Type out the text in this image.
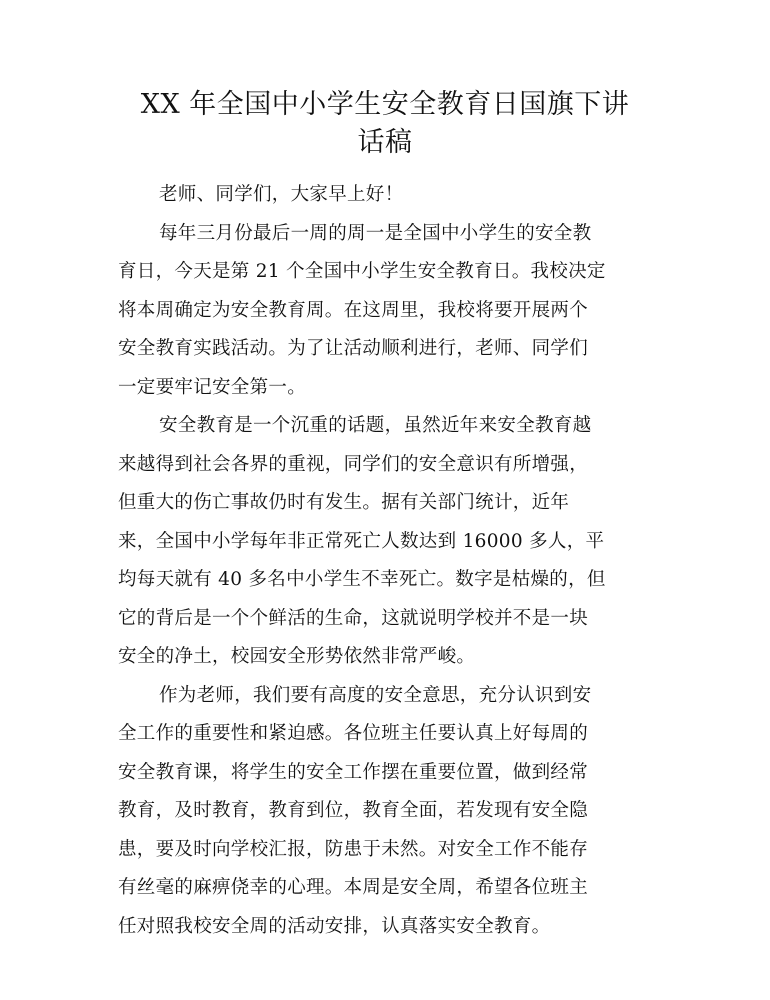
XX 年全国中小学生安全教育日国旗下讲
话稿

老师、同学们，大家早上好！

每年三月份最后一周的周一是全国中小学生的安全教
育日，今天是第 21 个全国中小学生安全教育日。我校决定
将本周确定为安全教育周。在这周里，我校将要开展两个
安全教育实践活动。为了让活动顺利进行，老师、同学们
一定要牢记安全第一。

安全教育是一个沉重的话题，虽然近年来安全教育越
来越得到社会各界的重视，同学们的安全意识有所增强，
但重大的伤亡事故仍时有发生。据有关部门统计，近年
来，全国中小学每年非正常死亡人数达到 16000 多人，平
均每天就有 40 多名中小学生不幸死亡。数字是枯燥的，但
它的背后是一个个鲜活的生命，这就说明学校并不是一块
安全的净土，校园安全形势依然非常严峻。

作为老师，我们要有高度的安全意思，充分认识到安
全工作的重要性和紧迫感。各位班主任要认真上好每周的
安全教育课，将学生的安全工作摆在重要位置，做到经常
教育，及时教育，教育到位，教育全面，若发现有安全隐
患，要及时向学校汇报，防患于未然。对安全工作不能存
有丝毫的麻痹侥幸的心理。本周是安全周，希望各位班主
任对照我校安全周的活动安排，认真落实安全教育。
